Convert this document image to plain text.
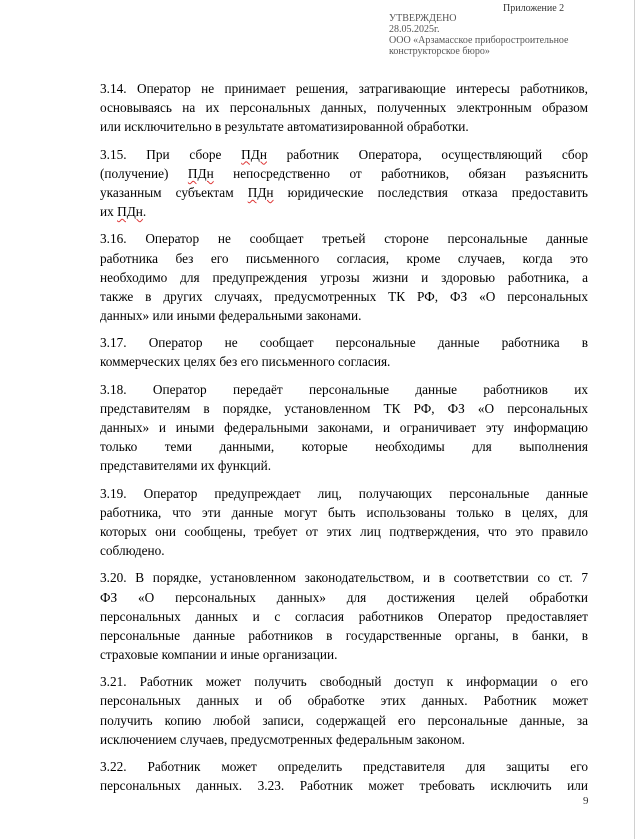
Приложение 2
УТВЕРЖДЕНО
28.05.2025г.
ООО «Арзамасское приборостроительное
конструкторское бюро»
3.14. Оператор не принимает решения, затрагивающие интересы работников,
основываясь на их персональных данных, полученных электронным образом
или исключительно в результате автоматизированной обработки.
3.15. При сборе ПДн работник Оператора, осуществляющий сбор
(получение) ПДн непосредственно от работников, обязан разъяснить
указанным субъектам ПДн юридические последствия отказа предоставить
их ПДн.
3.16. Оператор не сообщает третьей стороне персональные данные
работника без его письменного согласия, кроме случаев, когда это
необходимо для предупреждения угрозы жизни и здоровью работника, а
также в других случаях, предусмотренных ТК РФ, ФЗ «О персональных
данных» или иными федеральными законами.
3.17. Оператор не сообщает персональные данные работника в
коммерческих целях без его письменного согласия.
3.18. Оператор передаёт персональные данные работников их
представителям в порядке, установленном ТК РФ, ФЗ «О персональных
данных» и иными федеральными законами, и ограничивает эту информацию
только теми данными, которые необходимы для выполнения
представителями их функций.
3.19. Оператор предупреждает лиц, получающих персональные данные
работника, что эти данные могут быть использованы только в целях, для
которых они сообщены, требует от этих лиц подтверждения, что это правило
соблюдено.
3.20. В порядке, установленном законодательством, и в соответствии со ст. 7
ФЗ «О персональных данных» для достижения целей обработки
персональных данных и с согласия работников Оператор предоставляет
персональные данные работников в государственные органы, в банки, в
страховые компании и иные организации.
3.21. Работник может получить свободный доступ к информации о его
персональных данных и об обработке этих данных. Работник может
получить копию любой записи, содержащей его персональные данные, за
исключением случаев, предусмотренных федеральным законом.
3.22. Работник может определить представителя для защиты его
персональных данных. 3.23. Работник может требовать исключить или
9
